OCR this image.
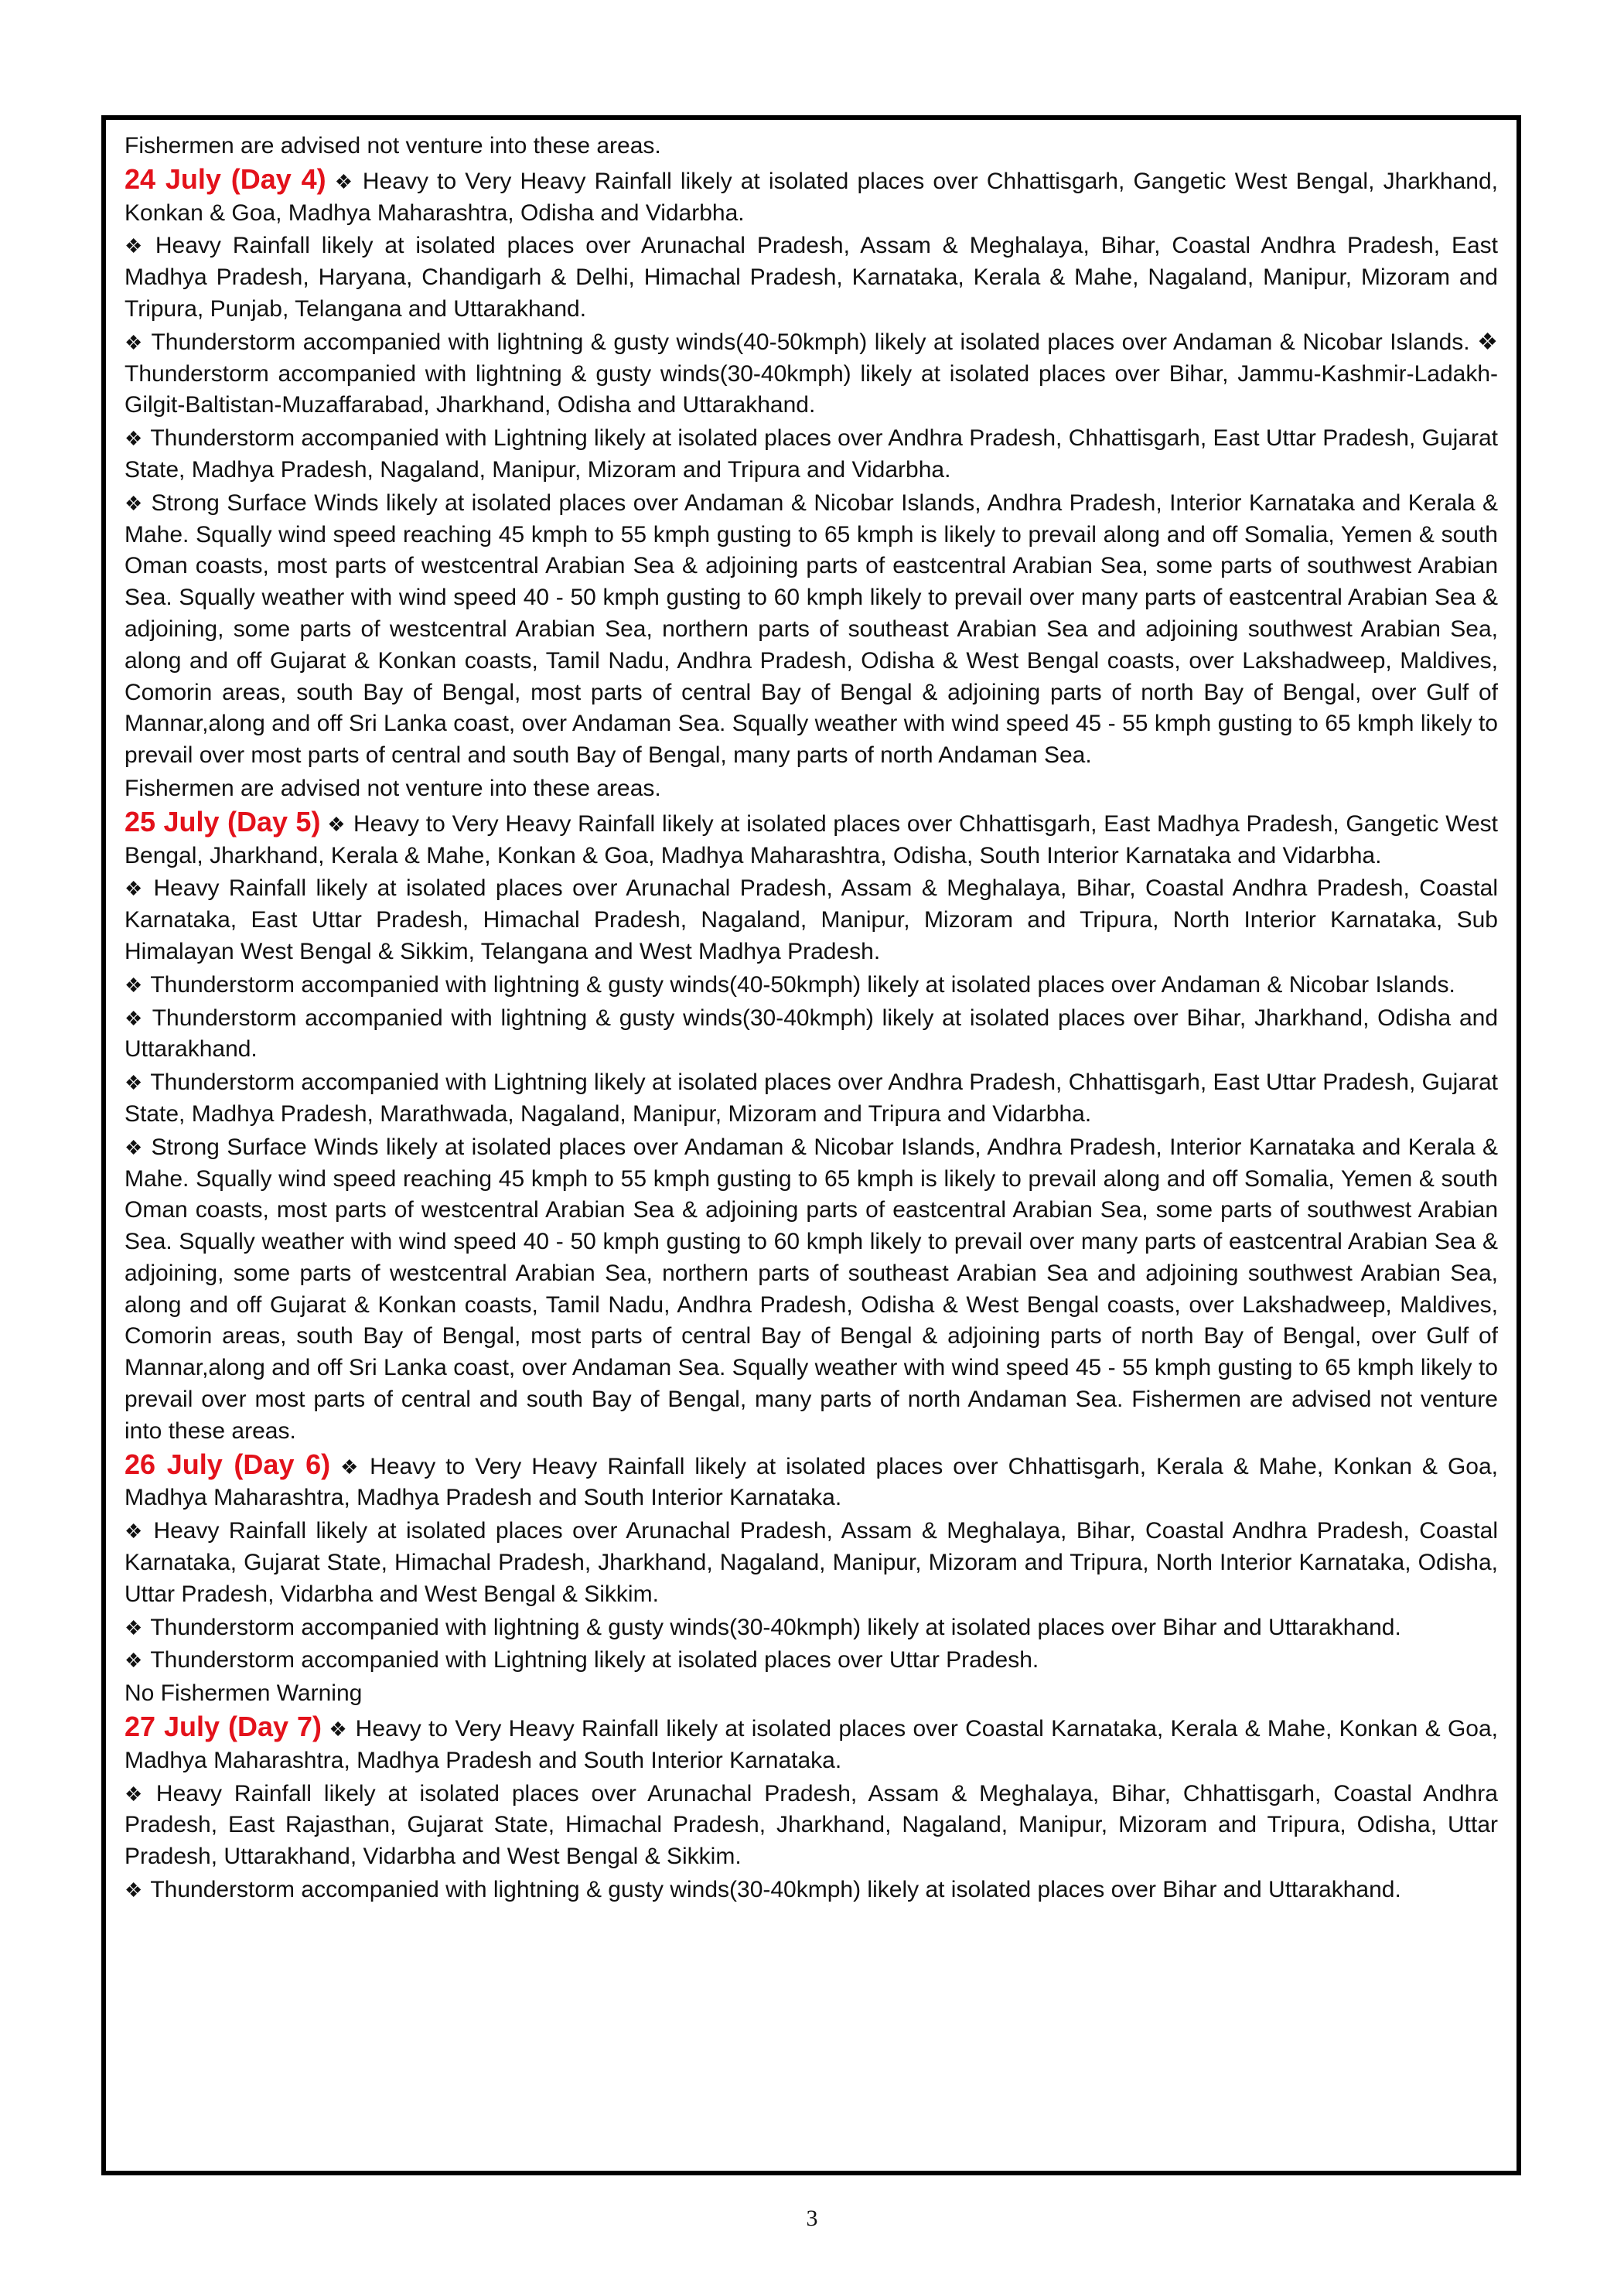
Fishermen are advised not venture into these areas.

24 July (Day 4) ❖ Heavy to Very Heavy Rainfall likely at isolated places over Chhattisgarh, Gangetic West Bengal, Jharkhand, Konkan & Goa, Madhya Maharashtra, Odisha and Vidarbha.

❖ Heavy Rainfall likely at isolated places over Arunachal Pradesh, Assam & Meghalaya, Bihar, Coastal Andhra Pradesh, East Madhya Pradesh, Haryana, Chandigarh & Delhi, Himachal Pradesh, Karnataka, Kerala & Mahe, Nagaland, Manipur, Mizoram and Tripura, Punjab, Telangana and Uttarakhand.

❖ Thunderstorm accompanied with lightning & gusty winds(40-50kmph) likely at isolated places over Andaman & Nicobar Islands. ❖ Thunderstorm accompanied with lightning & gusty winds(30-40kmph) likely at isolated places over Bihar, Jammu-Kashmir-Ladakh-Gilgit-Baltistan-Muzaffarabad, Jharkhand, Odisha and Uttarakhand.

❖ Thunderstorm accompanied with Lightning likely at isolated places over Andhra Pradesh, Chhattisgarh, East Uttar Pradesh, Gujarat State, Madhya Pradesh, Nagaland, Manipur, Mizoram and Tripura and Vidarbha.

❖ Strong Surface Winds likely at isolated places over Andaman & Nicobar Islands, Andhra Pradesh, Interior Karnataka and Kerala & Mahe. Squally wind speed reaching 45 kmph to 55 kmph gusting to 65 kmph is likely to prevail along and off Somalia, Yemen & south Oman coasts, most parts of westcentral Arabian Sea & adjoining parts of eastcentral Arabian Sea, some parts of southwest Arabian Sea. Squally weather with wind speed 40 - 50 kmph gusting to 60 kmph likely to prevail over many parts of eastcentral Arabian Sea & adjoining, some parts of westcentral Arabian Sea, northern parts of southeast Arabian Sea and adjoining southwest Arabian Sea, along and off Gujarat & Konkan coasts, Tamil Nadu, Andhra Pradesh, Odisha & West Bengal coasts, over Lakshadweep, Maldives, Comorin areas, south Bay of Bengal, most parts of central Bay of Bengal & adjoining parts of north Bay of Bengal, over Gulf of Mannar,along and off Sri Lanka coast, over Andaman Sea. Squally weather with wind speed 45 - 55 kmph gusting to 65 kmph likely to prevail over most parts of central and south Bay of Bengal, many parts of north Andaman Sea.

Fishermen are advised not venture into these areas.

25 July (Day 5) ❖ Heavy to Very Heavy Rainfall likely at isolated places over Chhattisgarh, East Madhya Pradesh, Gangetic West Bengal, Jharkhand, Kerala & Mahe, Konkan & Goa, Madhya Maharashtra, Odisha, South Interior Karnataka and Vidarbha.

❖ Heavy Rainfall likely at isolated places over Arunachal Pradesh, Assam & Meghalaya, Bihar, Coastal Andhra Pradesh, Coastal Karnataka, East Uttar Pradesh, Himachal Pradesh, Nagaland, Manipur, Mizoram and Tripura, North Interior Karnataka, Sub Himalayan West Bengal & Sikkim, Telangana and West Madhya Pradesh.

❖ Thunderstorm accompanied with lightning & gusty winds(40-50kmph) likely at isolated places over Andaman & Nicobar Islands.

❖ Thunderstorm accompanied with lightning & gusty winds(30-40kmph) likely at isolated places over Bihar, Jharkhand, Odisha and Uttarakhand.

❖ Thunderstorm accompanied with Lightning likely at isolated places over Andhra Pradesh, Chhattisgarh, East Uttar Pradesh, Gujarat State, Madhya Pradesh, Marathwada, Nagaland, Manipur, Mizoram and Tripura and Vidarbha.

❖ Strong Surface Winds likely at isolated places over Andaman & Nicobar Islands, Andhra Pradesh, Interior Karnataka and Kerala & Mahe. Squally wind speed reaching 45 kmph to 55 kmph gusting to 65 kmph is likely to prevail along and off Somalia, Yemen & south Oman coasts, most parts of westcentral Arabian Sea & adjoining parts of eastcentral Arabian Sea, some parts of southwest Arabian Sea. Squally weather with wind speed 40 - 50 kmph gusting to 60 kmph likely to prevail over many parts of eastcentral Arabian Sea & adjoining, some parts of westcentral Arabian Sea, northern parts of southeast Arabian Sea and adjoining southwest Arabian Sea, along and off Gujarat & Konkan coasts, Tamil Nadu, Andhra Pradesh, Odisha & West Bengal coasts, over Lakshadweep, Maldives, Comorin areas, south Bay of Bengal, most parts of central Bay of Bengal & adjoining parts of north Bay of Bengal, over Gulf of Mannar,along and off Sri Lanka coast, over Andaman Sea. Squally weather with wind speed 45 - 55 kmph gusting to 65 kmph likely to prevail over most parts of central and south Bay of Bengal, many parts of north Andaman Sea. Fishermen are advised not venture into these areas.

26 July (Day 6) ❖ Heavy to Very Heavy Rainfall likely at isolated places over Chhattisgarh, Kerala & Mahe, Konkan & Goa, Madhya Maharashtra, Madhya Pradesh and South Interior Karnataka.

❖ Heavy Rainfall likely at isolated places over Arunachal Pradesh, Assam & Meghalaya, Bihar, Coastal Andhra Pradesh, Coastal Karnataka, Gujarat State, Himachal Pradesh, Jharkhand, Nagaland, Manipur, Mizoram and Tripura, North Interior Karnataka, Odisha, Uttar Pradesh, Vidarbha and West Bengal & Sikkim.

❖ Thunderstorm accompanied with lightning & gusty winds(30-40kmph) likely at isolated places over Bihar and Uttarakhand.

❖ Thunderstorm accompanied with Lightning likely at isolated places over Uttar Pradesh.

No Fishermen Warning

27 July (Day 7) ❖ Heavy to Very Heavy Rainfall likely at isolated places over Coastal Karnataka, Kerala & Mahe, Konkan & Goa, Madhya Maharashtra, Madhya Pradesh and South Interior Karnataka.

❖ Heavy Rainfall likely at isolated places over Arunachal Pradesh, Assam & Meghalaya, Bihar, Chhattisgarh, Coastal Andhra Pradesh, East Rajasthan, Gujarat State, Himachal Pradesh, Jharkhand, Nagaland, Manipur, Mizoram and Tripura, Odisha, Uttar Pradesh, Uttarakhand, Vidarbha and West Bengal & Sikkim.

❖ Thunderstorm accompanied with lightning & gusty winds(30-40kmph) likely at isolated places over Bihar and Uttarakhand.

3
